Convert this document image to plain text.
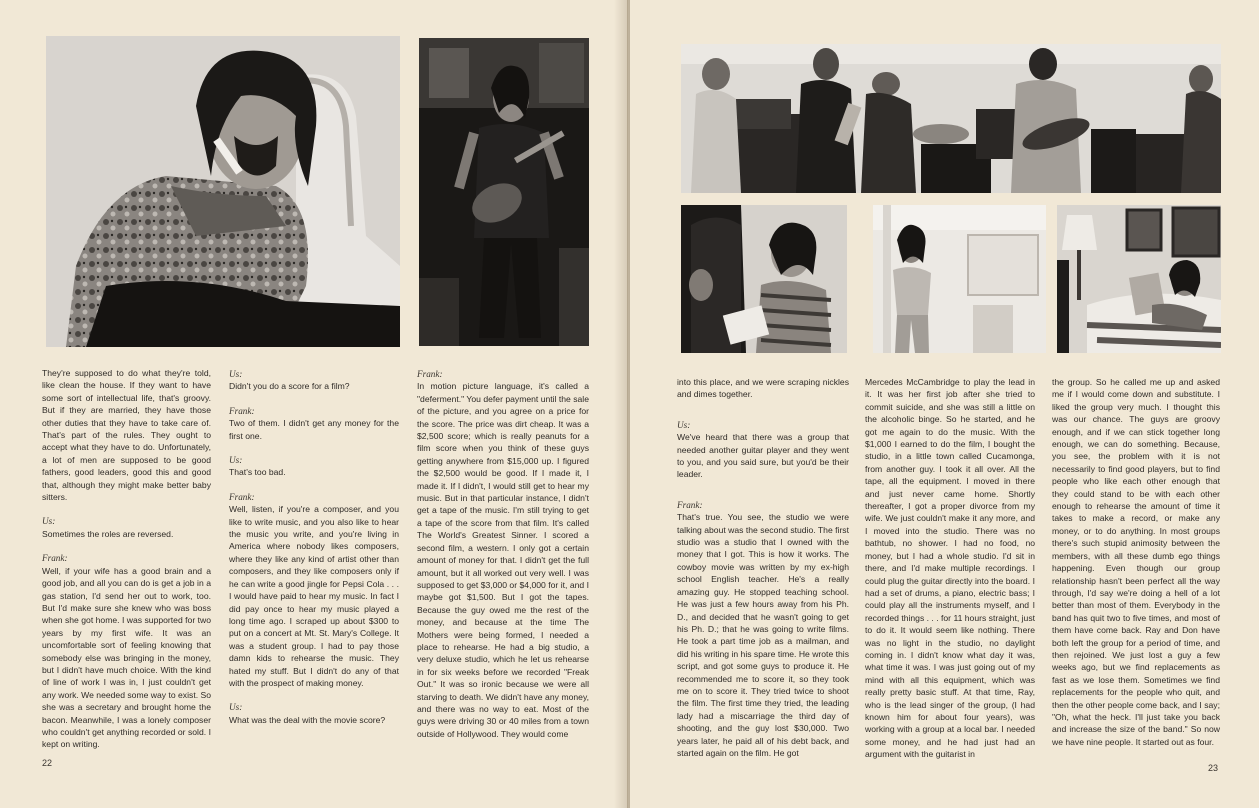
They're supposed to do what they're told, like clean the house. If they want to have some sort of intellectual life, that's groovy. But if they are married, they have those other duties that they have to take care of. That's part of the rules. They ought to accept what they have to do. Unfortunately, a lot of men are supposed to be good fathers, good leaders, good this and good that, although they might make better baby sitters.

Us:

Sometimes the roles are reversed.

Frank:

Well, if your wife has a good brain and a good job, and all you can do is get a job in a gas station, I'd send her out to work, too. But I'd make sure she knew who was boss when she got home. I was supported for two years by my first wife. It was an uncomfortable sort of feeling knowing that somebody else was bringing in the money, but I didn't have much choice. With the kind of line of work I was in, I just couldn't get any work. We needed some way to exist. So she was a secretary and brought home the bacon. Meanwhile, I was a lonely composer who couldn't get anything recorded or sold. I kept on writing.

Us:

Didn't you do a score for a film?

Frank:

Two of them. I didn't get any money for the first one.

Us:

That's too bad.

Frank:

Well, listen, if you're a composer, and you like to write music, and you also like to hear the music you write, and you're living in America where nobody likes composers, where they like any kind of artist other than composers, and they like composers only if he can write a good jingle for Pepsi Cola . . . I would have paid to hear my music. In fact I did pay once to hear my music played a long time ago. I scraped up about $300 to put on a concert at Mt. St. Mary's College. It was a student group. I had to pay those damn kids to rehearse the music. They hated my stuff. But I didn't do any of that with the prospect of making money.

Us:

What was the deal with the movie score?

Frank:

In motion picture language, it's called a "deferment." You defer payment until the sale of the picture, and you agree on a price for the score. The price was dirt cheap. It was a $2,500 score; which is really peanuts for a film score when you think of these guys getting anywhere from $15,000 up. I figured the $2,500 would be good. If I made it, I made it. If I didn't, I would still get to hear my music. But in that particular instance, I didn't get a tape of the music. I'm still trying to get a tape of the score from that film. It's called The World's Greatest Sinner. I scored a second film, a western. I only got a certain amount of money for that. I didn't get the full amount, but it all worked out very well. I was supposed to get $3,000 or $4,000 for it, and I maybe got $1,500. But I got the tapes. Because the guy owed me the rest of the money, and because at the time The Mothers were being formed, I needed a place to rehearse. He had a big studio, a very deluxe studio, which he let us rehearse in for six weeks before we recorded "Freak Out." It was so ironic because we were all starving to death. We didn't have any money, and there was no way to eat. Most of the guys were driving 30 or 40 miles from a town outside of Hollywood. They would come

22

into this place, and we were scraping nickles and dimes together.

Us:

We've heard that there was a group that needed another guitar player and they went to you, and you said sure, but you'd be their leader.

Frank:

That's true. You see, the studio we were talking about was the second studio. The first studio was a studio that I owned with the money that I got. This is how it works. The cowboy movie was written by my ex-high school English teacher. He's a really amazing guy. He stopped teaching school. He was just a few hours away from his Ph. D., and decided that he wasn't going to get his Ph. D.; that he was going to write films. He took a part time job as a mailman, and did his writing in his spare time. He wrote this script, and got some guys to produce it. He recommended me to score it, so they took me on to score it. They tried twice to shoot the film. The first time they tried, the leading lady had a miscarriage the third day of shooting, and the guy lost $30,000. Two years later, he paid all of his debt back, and started again on the film. He got

Mercedes McCambridge to play the lead in it. It was her first job after she tried to commit suicide, and she was still a little on the alcoholic binge. So he started, and he got me again to do the music. With the $1,000 I earned to do the film, I bought the studio, in a little town called Cucamonga, from another guy. I took it all over. All the tape, all the equipment. I moved in there and just never came home. Shortly thereafter, I got a proper divorce from my wife. We just couldn't make it any more, and I moved into the studio. There was no bathtub, no shower. I had no food, no money, but I had a whole studio. I'd sit in there, and I'd make multiple recordings. I could plug the guitar directly into the board. I had a set of drums, a piano, electric bass; I could play all the instruments myself, and I recorded things . . . for 11 hours straight, just to do it. It would seem like nothing. There was no light in the studio, no daylight coming in. I didn't know what day it was, what time it was. I was just going out of my mind with all this equipment, which was really pretty basic stuff. At that time, Ray, who is the lead singer of the group, (I had known him for about four years), was working with a group at a local bar. I needed some money, and he had just had an argument with the guitarist in

the group. So he called me up and asked me if I would come down and substitute. I liked the group very much. I thought this was our chance. The guys are groovy enough, and if we can stick together long enough, we can do something. Because, you see, the problem with it is not necessarily to find good players, but to find people who like each other enough that they could stand to be with each other enough to rehearse the amount of time it takes to make a record, or make any money, or to do anything. In most groups there's such stupid animosity between the members, with all these dumb ego things happening. Even though our group relationship hasn't been perfect all the way through, I'd say we're doing a hell of a lot better than most of them. Everybody in the band has quit two to five times, and most of them have come back. Ray and Don have both left the group for a period of time, and then rejoined. We just lost a guy a few weeks ago, but we find replacements as fast as we lose them. Sometimes we find replacements for the people who quit, and then the other people come back, and I say; "Oh, what the heck. I'll just take you back and increase the size of the band." So now we have nine people. It started out as four.

23
